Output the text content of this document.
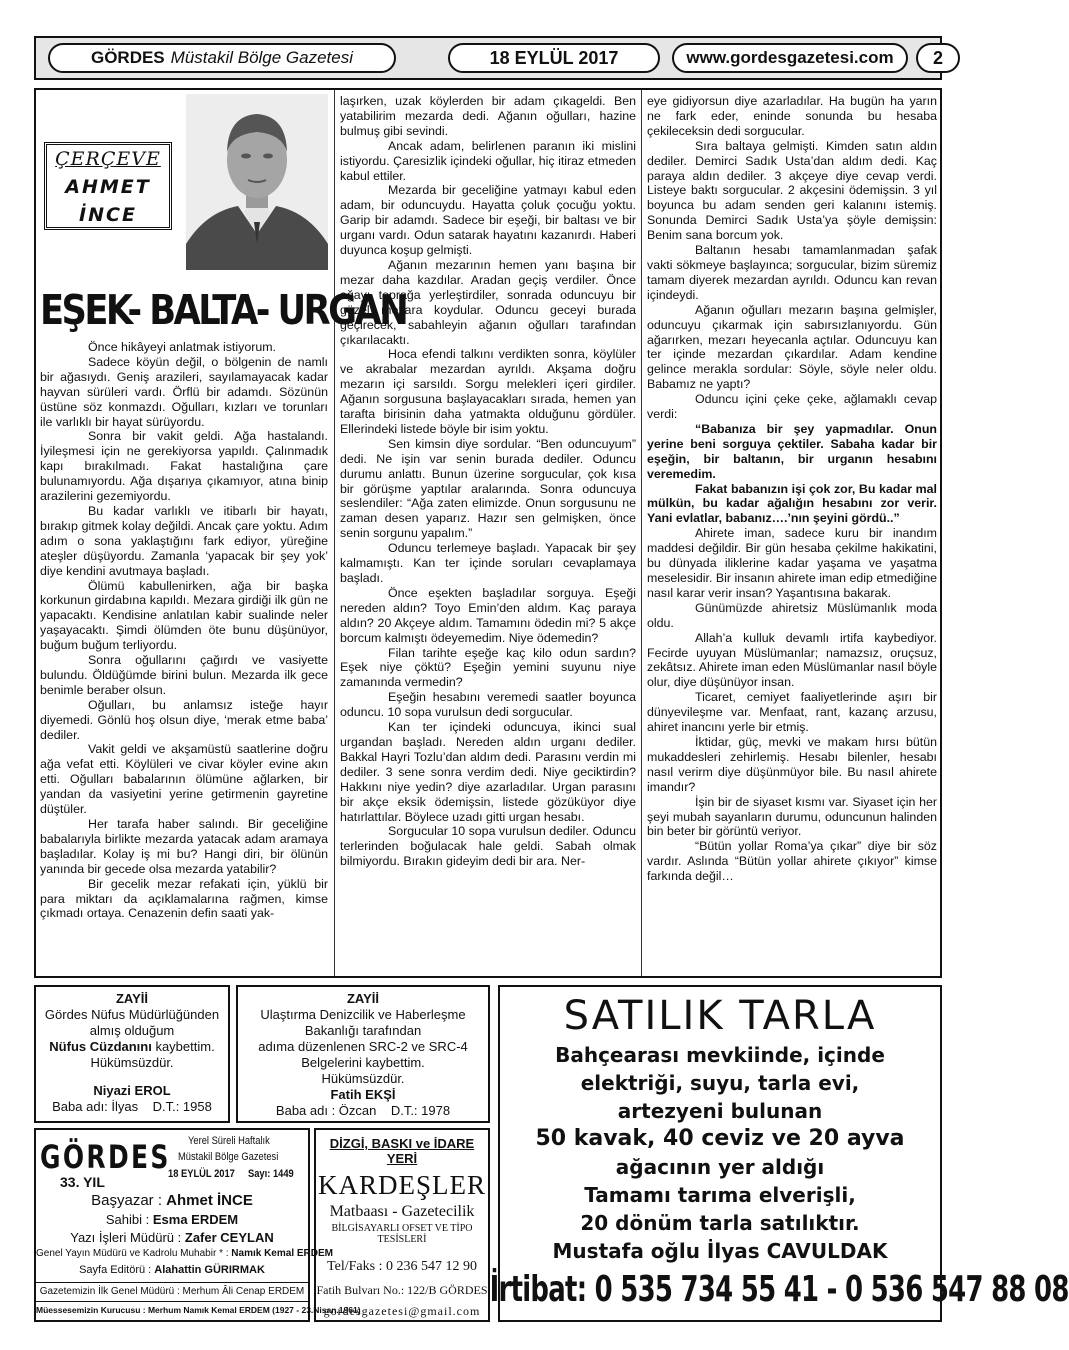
GÖRDES Müstakil Bölge Gazetesi	18 EYLÜL 2017	www.gordesgazetesi.com	2
ÇERÇEVE
AHMET
İNCE
EŞEK- BALTA- URGAN

Önce hikâyeyi anlatmak istiyorum.

Sadece köyün değil, o bölgenin de namlı bir ağasıydı. Geniş arazileri, sayılamayacak kadar hayvan sürüleri vardı. Örflü bir adamdı. Sözünün üstüne söz konmazdı. Oğulları, kızları ve torunları ile varlıklı bir hayat sürüyordu.

Sonra bir vakit geldi. Ağa hastalandı. İyileşmesi için ne gerekiyorsa yapıldı. Çalınmadık kapı bırakılmadı. Fakat hastalığına çare bulunamıyordu. Ağa dışarıya çıkamıyor, atına binip arazilerini gezemiyordu.

Bu kadar varlıklı ve itibarlı bir hayatı, bırakıp gitmek kolay değildi. Ancak çare yoktu. Adım adım o sona yaklaştığını fark ediyor, yüreğine ateşler düşüyordu. Zamanla ‘yapacak bir şey yok’ diye kendini avutmaya başladı.

Ölümü kabullenirken, ağa bir başka korkunun girdabına kapıldı. Mezara girdiği ilk gün ne yapacaktı. Kendisine anlatılan kabir sualinde neler yaşayacaktı. Şimdi ölümden öte bunu düşünüyor, buğum buğum terliyordu.

Sonra oğullarını çağırdı ve vasiyette bulundu. Öldüğümde birini bulun. Mezarda ilk gece benimle beraber olsun.

Oğulları, bu anlamsız isteğe hayır diyemedi. Gönlü hoş olsun diye, ‘merak etme baba’ dediler.

Vakit geldi ve akşamüstü saatlerine doğru ağa vefat etti. Köylüleri ve civar köyler evine akın etti. Oğulları babalarının ölümüne ağlarken, bir yandan da vasiyetini yerine getirmenin gayretine düştüler.

Her tarafa haber salındı. Bir geceliğine babalarıyla birlikte mezarda yatacak adam aramaya başladılar. Kolay iş mi bu? Hangi diri, bir ölünün yanında bir gecede olsa mezarda yatabilir?

Bir gecelik mezar refakati için, yüklü bir para miktarı da açıklamalarına rağmen, kimse çıkmadı ortaya. Cenazenin defin saati yak-

laşırken, uzak köylerden bir adam çıkageldi. Ben yatabilirim mezarda dedi. Ağanın oğulları, hazine bulmuş gibi sevindi.

Ancak adam, belirlenen paranın iki mislini istiyordu. Çaresizlik içindeki oğullar, hiç itiraz etmeden kabul ettiler.

Mezarda bir geceliğine yatmayı kabul eden adam, bir oduncuydu. Hayatta çoluk çocuğu yoktu. Garip bir adamdı. Sadece bir eşeği, bir baltası ve bir urganı vardı. Odun satarak hayatını kazanırdı. Haberi duyunca koşup gelmişti.

Ağanın mezarının hemen yanı başına bir mezar daha kazdılar. Aradan geçiş verdiler. Önce ağayı toprağa yerleştirdiler, sonrada oduncuyu bir güzel mezara koydular. Oduncu geceyi burada geçirecek, sabahleyin ağanın oğulları tarafından çıkarılacaktı.

Hoca efendi talkını verdikten sonra, köylüler ve akrabalar mezardan ayrıldı. Akşama doğru mezarın içi sarsıldı. Sorgu melekleri içeri girdiler. Ağanın sorgusuna başlayacakları sırada, hemen yan tarafta birisinin daha yatmakta olduğunu gördüler. Ellerindeki listede böyle bir isim yoktu.

Sen kimsin diye sordular. “Ben oduncuyum” dedi. Ne işin var senin burada dediler. Oduncu durumu anlattı. Bunun üzerine sorgucular, çok kısa bir görüşme yaptılar aralarında. Sonra oduncuya seslendiler: “Ağa zaten elimizde. Onun sorgusunu ne zaman desen yaparız. Hazır sen gelmişken, önce senin sorgunu yapalım.”

Oduncu terlemeye başladı. Yapacak bir şey kalmamıştı. Kan ter içinde soruları cevaplamaya başladı.

Önce eşekten başladılar sorguya. Eşeği nereden aldın? Toyo Emin’den aldım. Kaç paraya aldın? 20 Akçeye aldım. Tamamını ödedin mi? 5 akçe borcum kalmıştı ödeyemedim. Niye ödemedin?

Filan tarihte eşeğe kaç kilo odun sardın? Eşek niye çöktü? Eşeğin yemini suyunu niye zamanında vermedin?

Eşeğin hesabını veremedi saatler boyunca oduncu. 10 sopa vurulsun dedi sorgucular.

Kan ter içindeki oduncuya, ikinci sual urgandan başladı. Nereden aldın urganı dediler. Bakkal Hayri Tozlu’dan aldım dedi. Parasını verdin mi dediler. 3 sene sonra verdim dedi. Niye geciktirdin? Hakkını niye yedin? diye azarladılar. Urgan parasını bir akçe eksik ödemişsin, listede gözüküyor diye hatırlattılar. Böylece uzadı gitti urgan hesabı.

Sorgucular 10 sopa vurulsun dediler. Oduncu terlerinden boğulacak hale geldi. Sabah olmak bilmiyordu. Bırakın gideyim dedi bir ara. Ner-

eye gidiyorsun diye azarladılar. Ha bugün ha yarın ne fark eder, eninde sonunda bu hesaba çekileceksin dedi sorgucular.

Sıra baltaya gelmişti. Kimden satın aldın dediler. Demirci Sadık Usta’dan aldım dedi. Kaç paraya aldın dediler. 3 akçeye diye cevap verdi. Listeye baktı sorgucular. 2 akçesini ödemişsin. 3 yıl boyunca bu adam senden geri kalanını istemiş. Sonunda Demirci Sadık Usta’ya şöyle demişsin: Benim sana borcum yok.

Baltanın hesabı tamamlanmadan şafak vakti sökmeye başlayınca; sorgucular, bizim süremiz tamam diyerek mezardan ayrıldı. Oduncu kan revan içindeydi.

Ağanın oğulları mezarın başına gelmişler, oduncuyu çıkarmak için sabırsızlanıyordu. Gün ağarırken, mezarı heyecanla açtılar. Oduncuyu kan ter içinde mezardan çıkardılar. Adam kendine gelince merakla sordular: Söyle, söyle neler oldu. Babamız ne yaptı?

Oduncu içini çeke çeke, ağlamaklı cevap verdi:

“Babanıza bir şey yapmadılar. Onun yerine beni sorguya çektiler. Sabaha kadar bir eşeğin, bir baltanın, bir urganın hesabını veremedim.

Fakat babanızın işi çok zor, Bu kadar mal mülkün, bu kadar ağalığın hesabını zor verir. Yani evlatlar, babanız….’nın şeyini gördü..”

Ahirete iman, sadece kuru bir inandım maddesi değildir. Bir gün hesaba çekilme hakikatini, bu dünyada iliklerine kadar yaşama ve yaşatma meselesidir. Bir insanın ahirete iman edip etmediğine nasıl karar verir insan? Yaşantısına bakarak.

Günümüzde ahiretsiz Müslümanlık moda oldu.

Allah’a kulluk devamlı irtifa kaybediyor. Fecirde uyuyan Müslümanlar; namazsız, oruçsuz, zekâtsız. Ahirete iman eden Müslümanlar nasıl böyle olur, diye düşünüyor insan.

Ticaret, cemiyet faaliyetlerinde aşırı bir dünyevileşme var. Menfaat, rant, kazanç arzusu, ahiret inancını yerle bir etmiş.

İktidar, güç, mevki ve makam hırsı bütün mukaddesleri zehirlemiş. Hesabı bilenler, hesabı nasıl verirm diye düşünmüyor bile. Bu nasıl ahirete imandır?

İşin bir de siyaset kısmı var. Siyaset için her şeyi mubah sayanların durumu, oduncunun halinden bin beter bir görüntü veriyor.

“Bütün yollar Roma’ya çıkar” diye bir söz vardır. Aslında “Bütün yollar ahirete çıkıyor” kimse farkında değil…

ZAYİİ
Gördes Nüfus Müdürlüğünden
almış olduğum
Nüfus Cüzdanını kaybettim.
Hükümsüzdür.
Niyazi EROL
Baba adı: İlyas    D.T.: 1958
ZAYİİ
Ulaştırma Denizcilik ve Haberleşme
Bakanlığı tarafından
adıma düzenlenen SRC-2 ve SRC-4
Belgelerini kaybettim.
Hükümsüzdür.
Fatih EKŞİ
Baba adı : Özcan    D.T.: 1978
GÖRDES
33. YIL
Yerel Süreli Haftalık
Müstakil Bölge Gazetesi
18 EYLÜL 2017 Sayı: 1449
Başyazar : Ahmet İNCE
Sahibi : Esma ERDEM
Yazı İşleri Müdürü : Zafer CEYLAN
Genel Yayın Müdürü ve Kadrolu Muhabir * : Namık Kemal ERDEM
Sayfa Editörü : Alahattin GÜRIRMAK
Gazetemizin İlk Genel Müdürü : Merhum Âli Cenap ERDEM
Müessesemizin Kurucusu : Merhum Namık Kemal ERDEM (1927 - 23.Nisan.1961)
DİZGİ, BASKI ve İDARE YERİ
KARDEŞLER
Matbaası - Gazetecilik
BİLGİSAYARLI OFSET VE TİPO TESİSLERİ
Tel/Faks : 0 236 547 12 90
Fatih Bulvarı No.: 122/B GÖRDES
gordesgazetesi@gmail.com
SATILIK TARLA
Bahçearası mevkiinde, içinde
elektriği, suyu, tarla evi,
artezyeni bulunan
50 kavak, 40 ceviz ve 20 ayva
ağacının yer aldığı
Tamamı tarıma elverişli,
20 dönüm tarla satılıktır.
Mustafa oğlu İlyas CAVULDAK
İrtibat: 0 535 734 55 41 - 0 536 547 88 08
